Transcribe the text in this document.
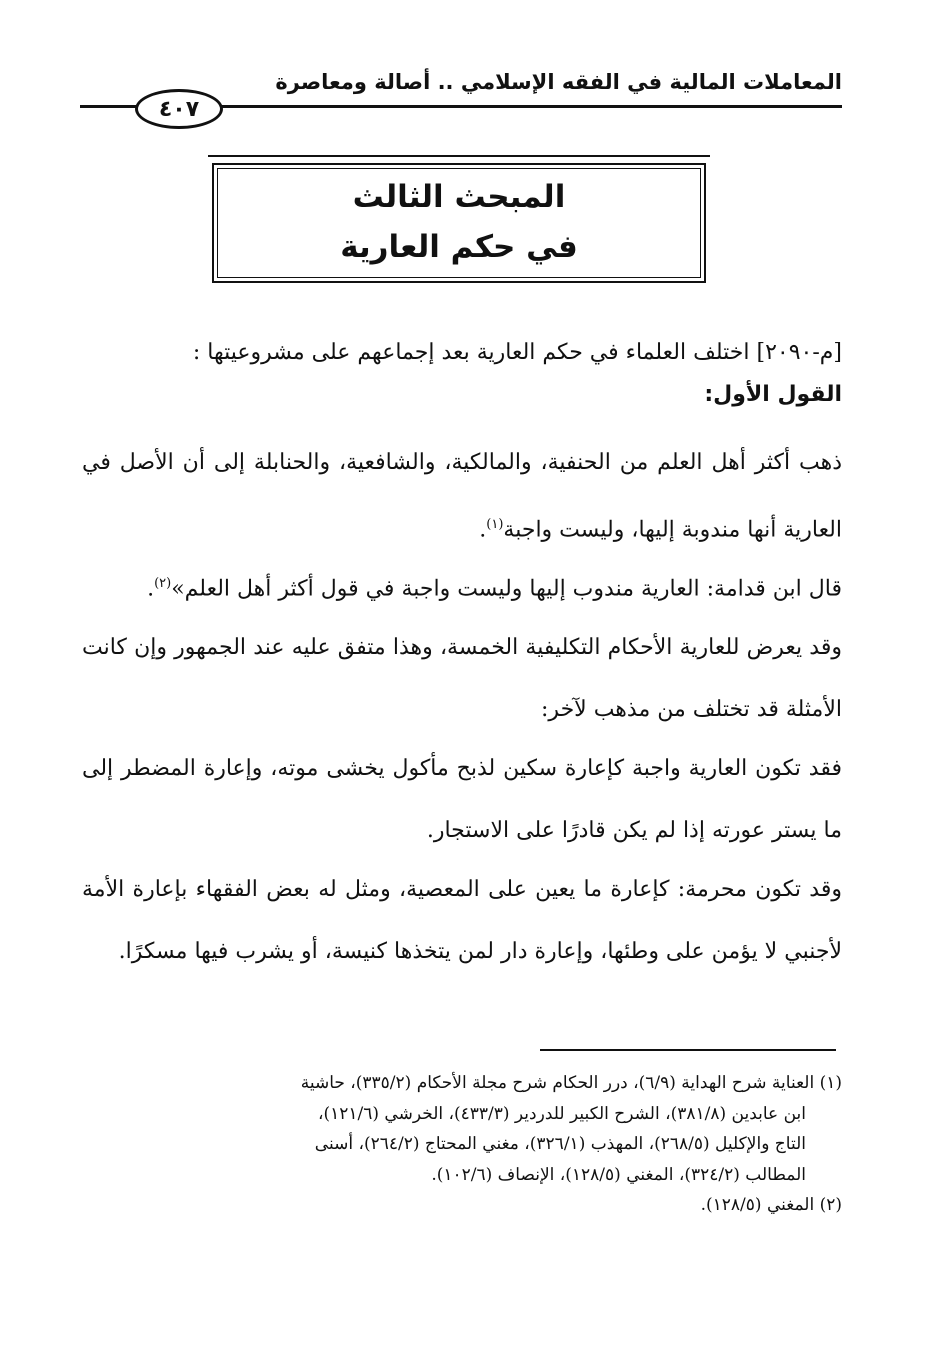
المعاملات المالية في الفقه الإسلامي .. أصالة ومعاصرة
٤٠٧
المبحث الثالث
في حكم العارية

[م-٢٠٩٠] اختلف العلماء في حكم العارية بعد إجماعهم على مشروعيتها :

القول الأول:

ذهب أكثر أهل العلم من الحنفية، والمالكية، والشافعية، والحنابلة إلى أن الأصل في العارية أنها مندوبة إليها، وليست واجبة$^{(١)}$.

قال ابن قدامة: العارية مندوب إليها وليست واجبة في قول أكثر أهل العلم»$^{(٢)}$.

وقد يعرض للعارية الأحكام التكليفية الخمسة، وهذا متفق عليه عند الجمهور وإن كانت الأمثلة قد تختلف من مذهب لآخر:

فقد تكون العارية واجبة كإعارة سكين لذبح مأكول يخشى موته، وإعارة المضطر إلى ما يستر عورته إذا لم يكن قادرًا على الاستجار.

وقد تكون محرمة: كإعارة ما يعين على المعصية، ومثل له بعض الفقهاء بإعارة الأمة لأجنبي لا يؤمن على وطئها، وإعارة دار لمن يتخذها كنيسة، أو يشرب فيها مسكرًا.

(١) العناية شرح الهداية (٦/٩)، درر الحكام شرح مجلة الأحكام (٣٣٥/٢)، حاشية

ابن عابدين (٣٨١/٨)، الشرح الكبير للدردير (٤٣٣/٣)، الخرشي (١٢١/٦)،

التاج والإكليل (٢٦٨/٥)، المهذب (٣٢٦/١)، مغني المحتاج (٢٦٤/٢)، أسنى

المطالب (٣٢٤/٢)، المغني (١٢٨/٥)، الإنصاف (١٠٢/٦).

(٢) المغني (١٢٨/٥).
